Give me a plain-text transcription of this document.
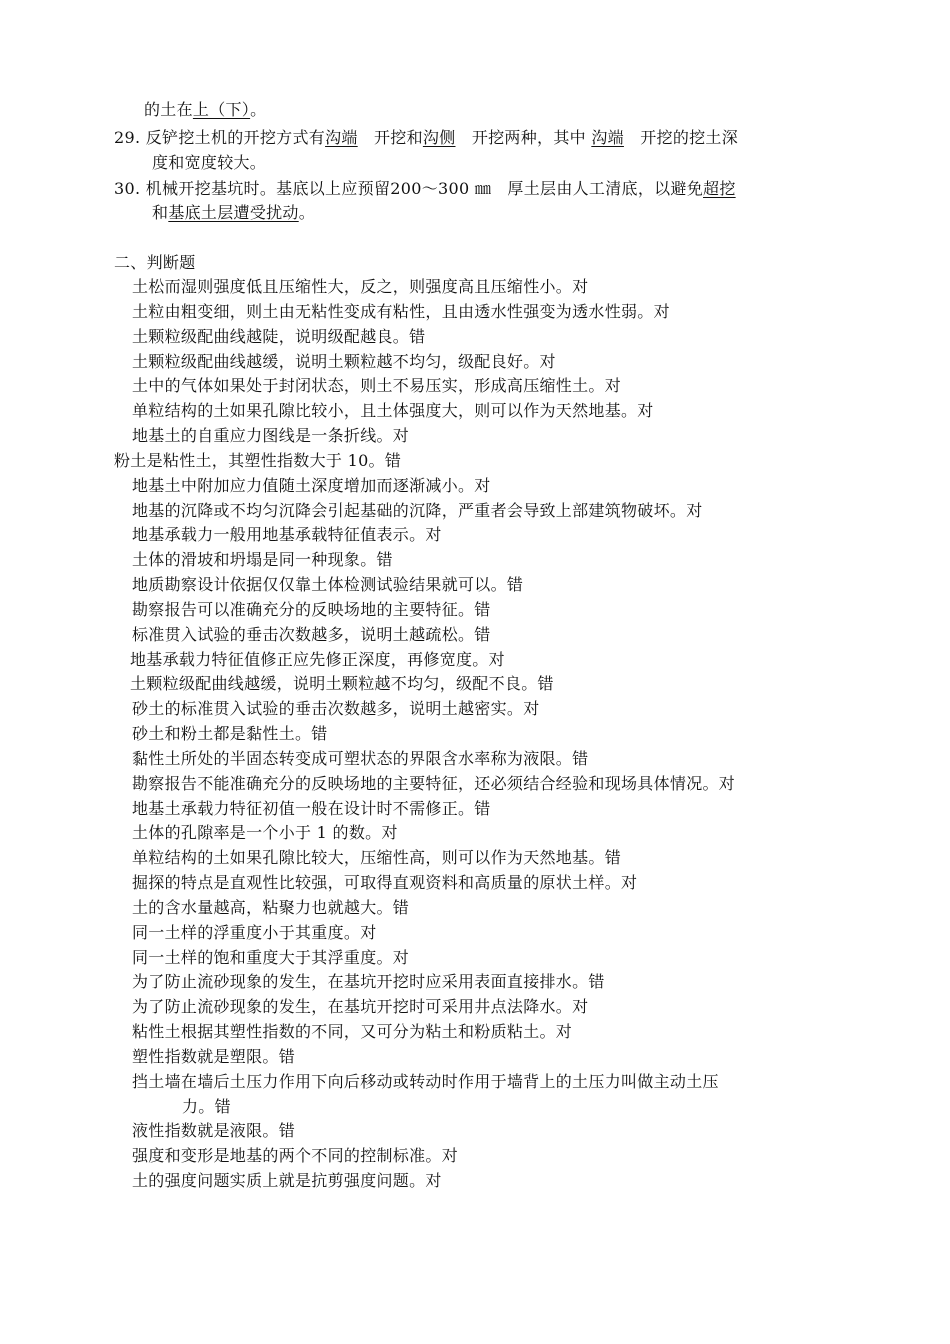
的土在上（下）。
29. 反铲挖土机的开挖方式有沟端　 开挖和沟侧　 开挖两种，其中 沟端　 开挖的挖土深
度和宽度较大。
30. 机械开挖基坑时。基底以上应预留200～300 ㎜　厚土层由人工清底，以避免超挖
和基底土层遭受扰动。
二、判断题
土松而湿则强度低且压缩性大，反之，则强度高且压缩性小。对
土粒由粗变细，则土由无粘性变成有粘性，且由透水性强变为透水性弱。对
土颗粒级配曲线越陡，说明级配越良。错
土颗粒级配曲线越缓，说明土颗粒越不均匀，级配良好。对
土中的气体如果处于封闭状态，则土不易压实，形成高压缩性土。对
单粒结构的土如果孔隙比较小，且土体强度大，则可以作为天然地基。对
地基土的自重应力图线是一条折线。对
粉土是粘性土，其塑性指数大于 10。错
地基土中附加应力值随土深度增加而逐渐减小。对
地基的沉降或不均匀沉降会引起基础的沉降，严重者会导致上部建筑物破坏。对
地基承载力一般用地基承载特征值表示。对
土体的滑坡和坍塌是同一种现象。错
地质勘察设计依据仅仅靠土体检测试验结果就可以。错
勘察报告可以准确充分的反映场地的主要特征。错
标准贯入试验的垂击次数越多，说明土越疏松。错
地基承载力特征值修正应先修正深度，再修宽度。对
土颗粒级配曲线越缓，说明土颗粒越不均匀，级配不良。错
砂土的标准贯入试验的垂击次数越多，说明土越密实。对
砂土和粉土都是黏性土。错
黏性土所处的半固态转变成可塑状态的界限含水率称为液限。错
勘察报告不能准确充分的反映场地的主要特征，还必须结合经验和现场具体情况。对
地基土承载力特征初值一般在设计时不需修正。错
土体的孔隙率是一个小于 1 的数。对
单粒结构的土如果孔隙比较大，压缩性高，则可以作为天然地基。错
掘探的特点是直观性比较强，可取得直观资料和高质量的原状土样。对
土的含水量越高，粘聚力也就越大。错
同一土样的浮重度小于其重度。对
同一土样的饱和重度大于其浮重度。对
为了防止流砂现象的发生，在基坑开挖时应采用表面直接排水。错
为了防止流砂现象的发生，在基坑开挖时可采用井点法降水。对
粘性土根据其塑性指数的不同，又可分为粘土和粉质粘土。对
塑性指数就是塑限。错
挡土墙在墙后土压力作用下向后移动或转动时作用于墙背上的土压力叫做主动土压
力。错
液性指数就是液限。错
强度和变形是地基的两个不同的控制标准。对
土的强度问题实质上就是抗剪强度问题。对
